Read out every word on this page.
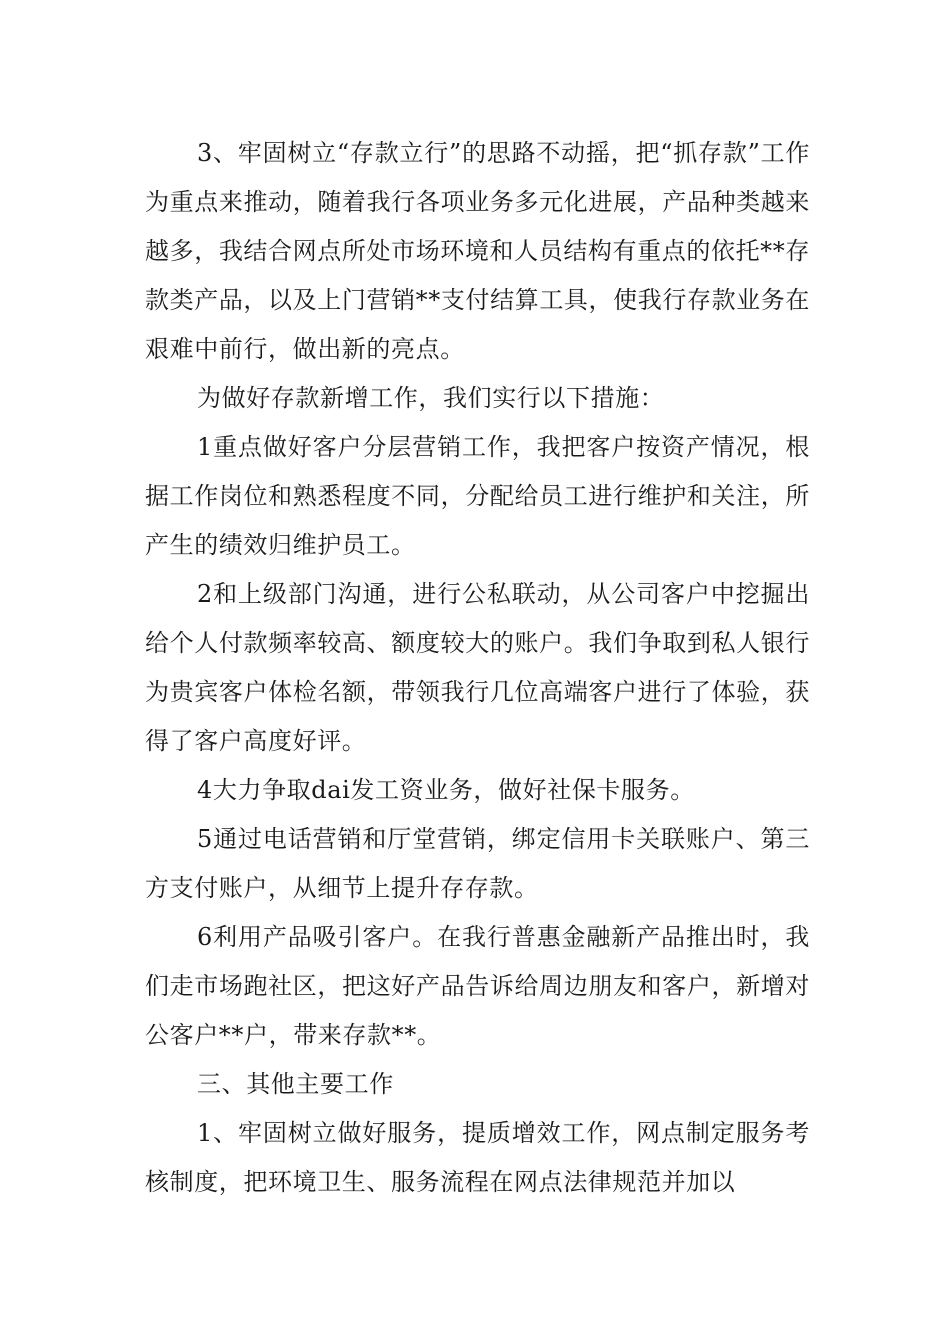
3、牢固树立“存款立行”的思路不动摇，把“抓存款”工作为重点来推动，随着我行各项业务多元化进展，产品种类越来越多，我结合网点所处市场环境和人员结构有重点的依托**存款类产品，以及上门营销**支付结算工具，使我行存款业务在艰难中前行，做出新的亮点。

为做好存款新增工作，我们实行以下措施：

1重点做好客户分层营销工作，我把客户按资产情况，根据工作岗位和熟悉程度不同，分配给员工进行维护和关注，所产生的绩效归维护员工。

2和上级部门沟通，进行公私联动，从公司客户中挖掘出给个人付款频率较高、额度较大的账户。我们争取到私人银行为贵宾客户体检名额，带领我行几位高端客户进行了体验，获得了客户高度好评。

4大力争取dai发工资业务，做好社保卡服务。

5通过电话营销和厅堂营销，绑定信用卡关联账户、第三方支付账户，从细节上提升存存款。

6利用产品吸引客户。在我行普惠金融新产品推出时，我们走市场跑社区，把这好产品告诉给周边朋友和客户，新增对公客户**户，带来存款**。

三、其他主要工作

1、牢固树立做好服务，提质增效工作，网点制定服务考核制度，把环境卫生、服务流程在网点法律规范并加以
